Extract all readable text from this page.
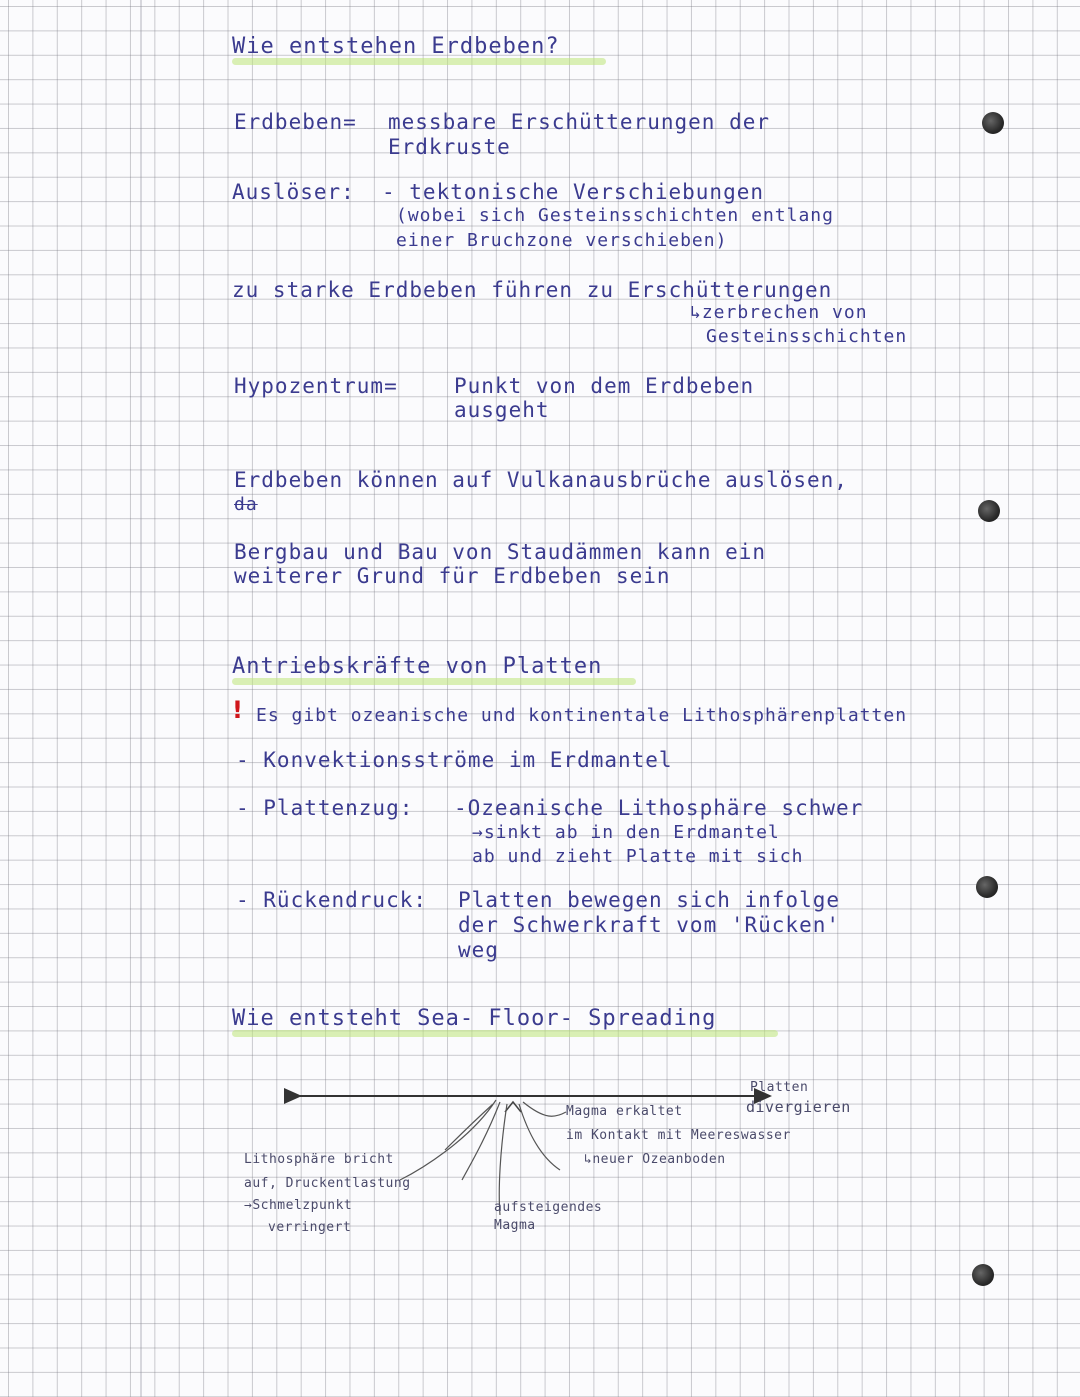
Wie entstehen Erdbeben?
Erdbeben= messbare Erschütterungen der
Erdkruste
Auslöser: - tektonische Verschiebungen
(wobei sich Gesteinsschichten entlang
einer Bruchzone verschieben)
zu starke Erdbeben führen zu Erschütterungen
↳zerbrechen von
Gesteinsschichten
Hypozentrum=	Punkt von dem Erdbeben
ausgeht
Erdbeben können auf Vulkanausbrüche auslösen,
da
Bergbau und Bau von Staudämmen kann ein
weiterer Grund für Erdbeben sein
Antriebskräfte von Platten
! Es gibt ozeanische und kontinentale Lithosphärenplatten
- Konvektionsströme im Erdmantel
- Plattenzug: -Ozeanische Lithosphäre schwer
→sinkt ab in den Erdmantel
ab und zieht Platte mit sich
- Rückendruck: Platten bewegen sich infolge
der Schwerkraft vom 'Rücken'
weg
Wie entsteht Sea- Floor- Spreading
Platten
divergieren
Magma erkaltet
im Kontakt mit Meereswasser
↳neuer Ozeanboden
Lithosphäre bricht
auf, Druckentlastung
→Schmelzpunkt
verringert
aufsteigendes
Magma
